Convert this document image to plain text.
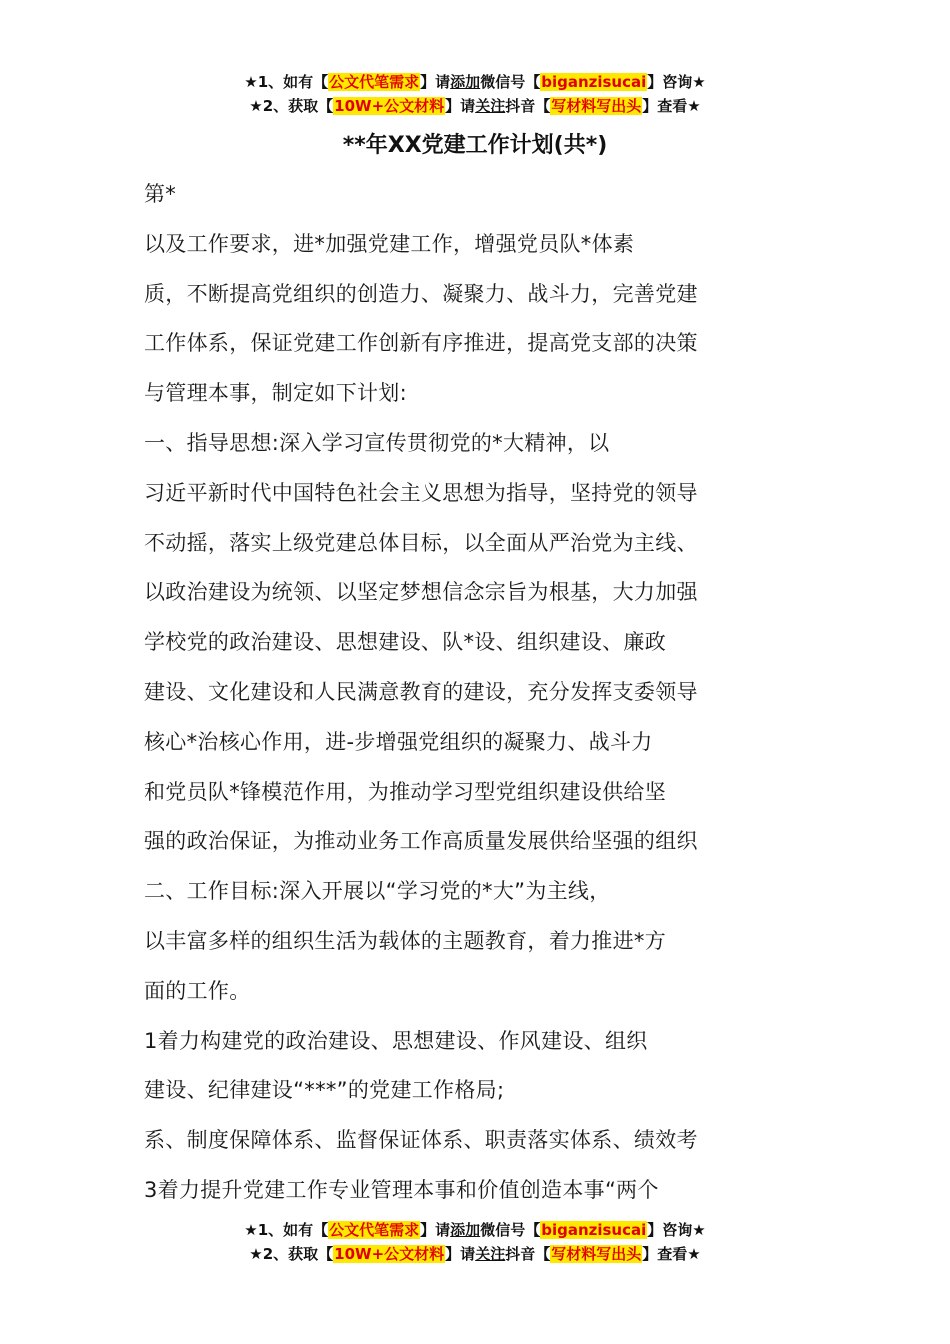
★1、如有【公文代笔需求】请添加微信号【biganzisucai】咨询★
★2、获取【10W+公文材料】请关注抖音【写材料写出头】查看★
**年XX党建工作计划(共*)
第*
以及工作要求，进*加强党建工作，增强党员队*体素
质，不断提高党组织的创造力、凝聚力、战斗力，完善党建
工作体系，保证党建工作创新有序推进，提高党支部的决策
与管理本事，制定如下计划:
一、指导思想:深入学习宣传贯彻党的*大精神，以
习近平新时代中国特色社会主义思想为指导，坚持党的领导
不动摇，落实上级党建总体目标，以全面从严治党为主线、
以政治建设为统领、以坚定梦想信念宗旨为根基，大力加强
学校党的政治建设、思想建设、队*设、组织建设、廉政
建设、文化建设和人民满意教育的建设，充分发挥支委领导
核心*治核心作用，进-步增强党组织的凝聚力、战斗力
和党员队*锋模范作用，为推动学习型党组织建设供给坚
强的政治保证，为推动业务工作高质量发展供给坚强的组织
二、工作目标:深入开展以“学习党的*大”为主线，
以丰富多样的组织生活为载体的主题教育，着力推进*方
面的工作。
1着力构建党的政治建设、思想建设、作风建设、组织
建设、纪律建设“***”的党建工作格局;
系、制度保障体系、监督保证体系、职责落实体系、绩效考
3着力提升党建工作专业管理本事和价值创造本事“两个
★1、如有【公文代笔需求】请添加微信号【biganzisucai】咨询★
★2、获取【10W+公文材料】请关注抖音【写材料写出头】查看★
